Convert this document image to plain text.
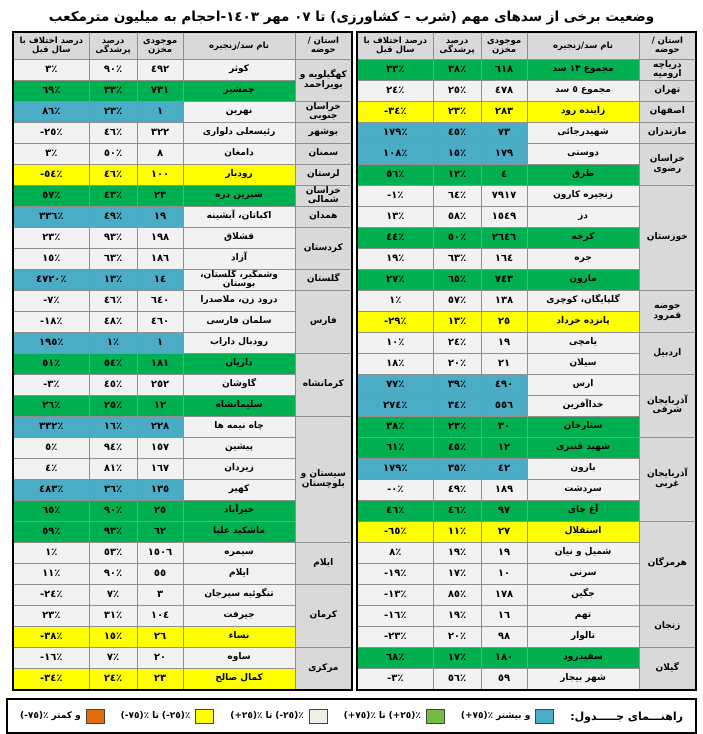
وضعیت برخی از سدهای مهم (شرب – کشاورزی) تا ٠٧ مهر ١٤٠٣-احجام به میلیون مترمکعب
استان /حوضه	نام سد/زنجیره	موجودی مخزن	درصد پرشدگی	درصد اختلاف با سال قبل
دریاچه ارومیه	مجموع ١٣ سد	٦١٨	٣٨٪	٣٣٪
تهران	مجموع ٥ سد	٤٧٨	٢٥٪	٢٤٪
اصفهان	زاینده رود	٢٨٣	٢٣٪	-٣٤٪
مازندران	شهیدرجائی	٧٣	٤٥٪	١٧٩٪
خراسان رضوی	دوستی	١٧٩	١٥٪	١٠٨٪
	طرق	٤	١٢٪	٥٦٪
خوزستان	زنجیره کارون	٧٩١٧	٦٤٪	-١٪
	دز	١٥٤٩	٥٨٪	١٣٪
	کرخه	٢٦٤٦	٥٠٪	٤٤٪
	جره	١٦٤	٦٣٪	١٩٪
	مارون	٧٤٣	٦٥٪	٢٧٪
حوضه قمرود	گلپایگان، کوچری	١٣٨	٥٧٪	١٪
	پانزده خرداد	٢٥	١٣٪	-٢٩٪
اردبیل	یامچی	١٩	٢٤٪	١٠٪
	سیلان	٢١	٢٠٪	١٨٪
آذربایجان شرقی	ارس	٤٩٠	٣٩٪	٧٧٪
	خداآفرین	٥٥٦	٣٤٪	٢٧٤٪
	ستارخان	٣٠	٢٣٪	٣٨٪
آذربایجان غربی	شهید قنبری	١٢	٤٥٪	٦١٪
	بارون	٤٢	٣٥٪	١٧٩٪
	سردشت	١٨٩	٤٩٪	-٠٪
	آغ چای	٩٧	٤٦٪	٤٦٪
هرمزگان	استقلال	٢٧	١١٪	-٦٥٪
	شمیل و نیان	١٩	١٩٪	٨٪
	سرنی	١٠	١٧٪	-١٩٪
	جگین	١٧٨	٨٥٪	-١٣٪
زنجان	تهم	١٦	١٩٪	-١٦٪
	تالوار	٩٨	٢٠٪	-٢٣٪
گیلان	سفیدرود	١٨٠	١٧٪	٦٨٪
	شهر بیجار	٥٩	٥٦٪	-٣٪
استان /حوضه	نام سد/زنجیره	موجودی مخزن	درصد پرشدگی	درصد اختلاف با سال قبل
کهگیلویه و بویراحمد	کوثر	٤٩٢	٩٠٪	٣٪
	چمشیر	٧٣١	٣٣٪	٦٩٪
خراسان جنوبی	نهرین	١	٢٣٪	٨٦٪
بوشهر	رئیسعلی دلواری	٣٢٢	٤٦٪	-٢٥٪
سمنان	دامغان	٨	٥٠٪	٣٪
لرستان	رودبار	١٠٠	٤٦٪	-٥٤٪
خراسان شمالی	شیرین دره	٢٣	٤٣٪	٥٧٪
همدان	اکباتان، آبشینه	١٩	٤٩٪	٣٣٦٪
کردستان	قشلاق	١٩٨	٩٣٪	٢٣٪
	آزاد	١٨٦	٦٣٪	١٥٪
گلستان	وشمگیر، گلستان، بوستان	١٤	١٣٪	٤٧٢٠٪
فارس	درود زن، ملاصدرا	٦٤٠	٤٦٪	-٧٪
	سلمان فارسی	٤٦٠	٤٨٪	-١٨٪
	رودبال داراب	١	١٪	١٩٥٪
کرمانشاه	داریان	١٨١	٥٤٪	٥١٪
	گاوشان	٢٥٢	٤٥٪	-٣٪
	سلیمانشاه	١٢	٢٥٪	٢٦٪
سیستان و بلوچستان	چاه نیمه ها	٢٢٨	١٦٪	٣٣٢٪
	پیشین	١٥٧	٩٤٪	٥٪
	زیردان	١٦٧	٨١٪	٤٪
	کهیر	١٣٥	٣٦٪	٤٨٣٪
	خیرآباد	٢٥	٩٠٪	٦٥٪
	ماشکید علیا	٦٢	٩٣٪	٥٩٪
ایلام	سیمره	١٥٠٦	٥٣٪	١٪
	ایلام	٥٥	٩٠٪	١١٪
کرمان	تنگوئیه سیرجان	٣	٧٪	-٢٤٪
	جیرفت	١٠٤	٣١٪	٢٣٪
	نساء	٢٦	١٥٪	-٣٨٪
مرکزی	ساوه	٢٠	٧٪	-١٦٪
	کمال صالح	٢٣	٢٤٪	-٣٤٪
راهنـــمای جـــــدول:
(+٧٥)٪ و بیشتر
(+٧٥)٪ تا (+٢٥)٪
(+٢٥)٪ تا (-٢٥)٪
(-٧٥)٪ تا (-٢٥)٪
(-٧٥)٪ و کمتر
